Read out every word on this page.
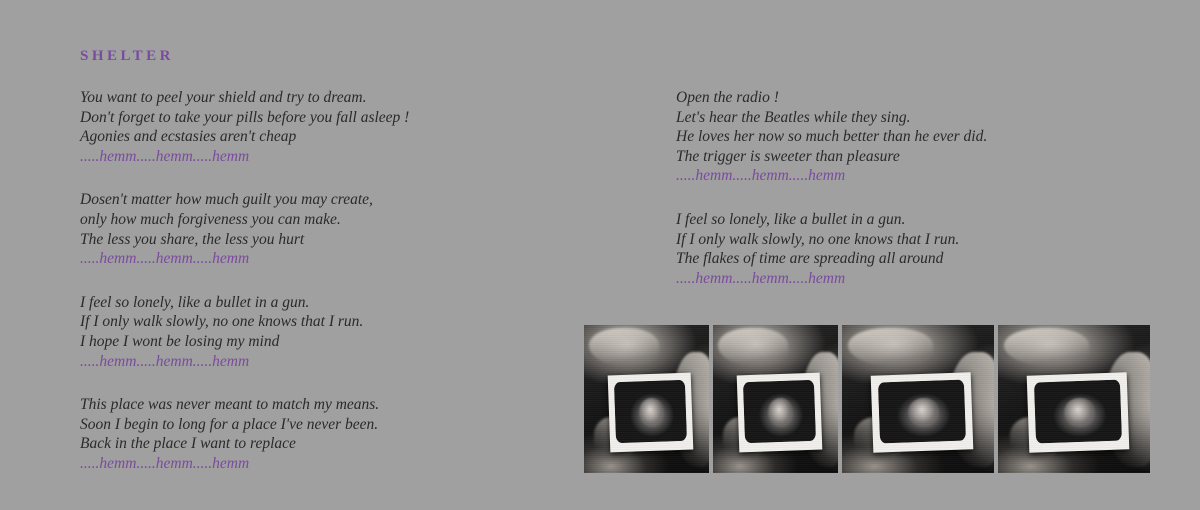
SHELTER
You want to peel your shield and try to dream.
Don't forget to take your pills before you fall asleep !
Agonies and ecstasies aren't cheap
.....hemm.....hemm.....hemm
Dosen't matter how much guilt you may create,
only how much forgiveness you can make.
The less you share, the less you hurt
.....hemm.....hemm.....hemm
I feel so lonely, like a bullet in a gun.
If I only walk slowly, no one knows that I run.
I hope I wont be losing my mind
.....hemm.....hemm.....hemm
This place was never meant to match my means.
Soon I begin to long for a place I've never been.
Back in the place I want to replace
.....hemm.....hemm.....hemm
Open the radio !
Let's hear the Beatles while they sing.
He loves her now so much better than he ever did.
The trigger is sweeter than pleasure
.....hemm.....hemm.....hemm
I feel so lonely, like a bullet in a gun.
If I only walk slowly, no one knows that I run.
The flakes of time are spreading all around
.....hemm.....hemm.....hemm
